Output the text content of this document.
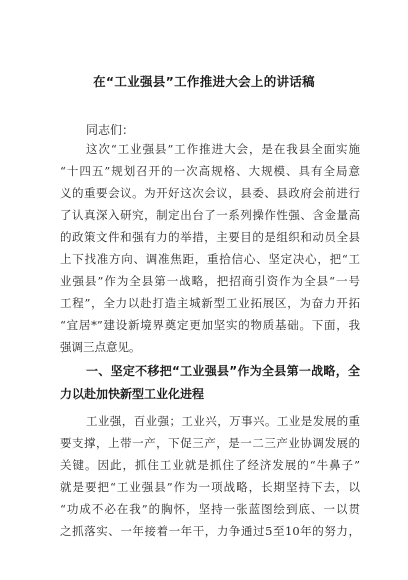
在“工业强县”工作推进大会上的讲话稿
同志们：
这次“工业强县”工作推进大会，是在我县全面实施
“十四五”规划召开的一次高规格、大规模、具有全局意
义的重要会议。为开好这次会议，县委、县政府会前进行
了认真深入研究，制定出台了一系列操作性强、含金量高
的政策文件和强有力的举措，主要目的是组织和动员全县
上下找准方向、调准焦距，重拾信心、坚定决心，把“工
业强县”作为全县第一战略，把招商引资作为全县“一号
工程”，全力以赴打造主城新型工业拓展区，为奋力开拓
“宜居*”建设新境界奠定更加坚实的物质基础。下面，我
强调三点意见。
一、坚定不移把“工业强县”作为全县第一战略，全
力以赴加快新型工业化进程
工业强，百业强；工业兴，万事兴。工业是发展的重
要支撑，上带一产，下促三产，是一二三产业协调发展的
关键。因此，抓住工业就是抓住了经济发展的“牛鼻子”
就是要把“工业强县”作为一项战略，长期坚持下去，以
“功成不必在我”的胸怀，坚持一张蓝图绘到底、一以贯
之抓落实、一年接着一年干，力争通过5至10年的努力，
